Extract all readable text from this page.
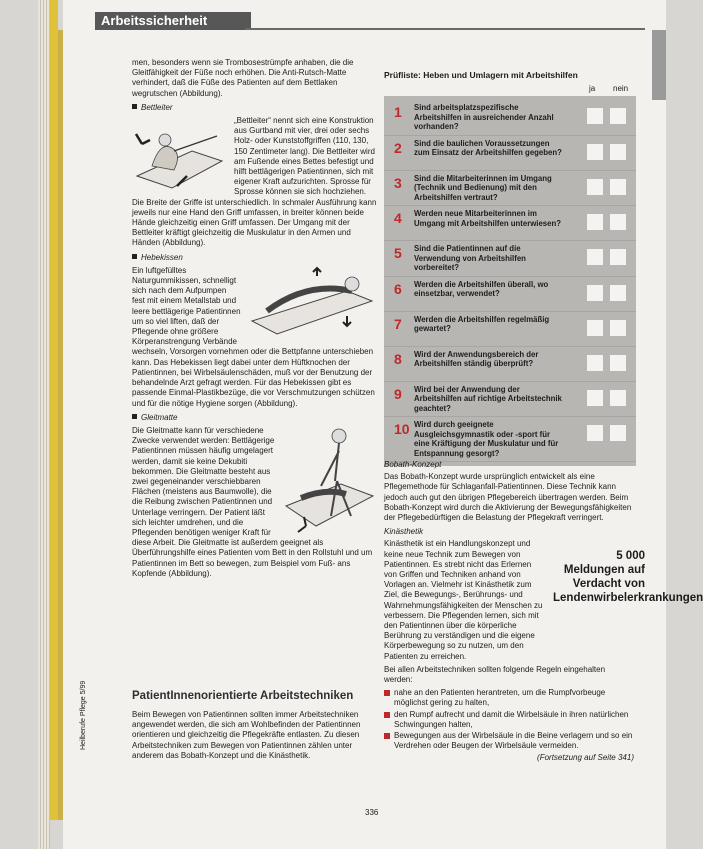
Arbeitssicherheit

men, besonders wenn sie Trombosestrümpfe anhaben, die die Gleitfähigkeit der Füße noch erhöhen. Die Anti-Rutsch-Matte verhindert, daß die Füße des Patienten auf dem Bettlaken wegrutschen (Abbildung).

Bettleiter

„Bettleiter“ nennt sich eine Konstruktion aus Gurtband mit vier, drei oder sechs Holz- oder Kunststoffgriffen (110, 130, 150 Zentimeter lang). Die Bettleiter wird am Fußende eines Bettes befestigt und hilft bettlägerigen Patientinnen, sich mit eigener Kraft aufzurichten. Sprosse für Sprosse können sie sich hochziehen. Die Breite der Griffe ist unterschiedlich. In schmaler Ausführung kann jeweils nur eine Hand den Griff umfassen, in breiter können beide Hände gleichzeitig einen Griff umfassen. Der Umgang mit der Bettleiter kräftigt gleichzeitig die Muskulatur in den Armen und Händen (Abbildung).

Hebekissen

Ein luftgefülltes Naturgummikissen, schnelligt sich nach dem Aufpumpen fest mit einem Metallstab und leere bettlägerige Patientinnen um so viel liften, daß der Pflegende ohne größere Körperanstrengung Verbände wechseln, Vorsorgen vornehmen oder die Bettpfanne unterschieben kann. Das Hebekissen liegt dabei unter dem Hüftknochen der Patientinnen, bei Wirbelsäulenschäden, muß vor der Benutzung der behandelnde Arzt gefragt werden. Für das Hebekissen gibt es passende Einmal-Plastikbezüge, die vor Verschmutzungen schützen und für die nötige Hygiene sorgen (Abbildung).

Gleitmatte

Die Gleitmatte kann für verschiedene Zwecke verwendet werden: Bettlägerige Patientinnen müssen häufig umgelagert werden, damit sie keine Dekubiti bekommen. Die Gleitmatte besteht aus zwei gegeneinander verschiebbaren Flächen (meistens aus Baumwolle), die die Reibung zwischen Patientinnen und Unterlage verringern. Der Patient läßt sich leichter umdrehen, und die Pflegenden benötigen weniger Kraft für diese Arbeit. Die Gleitmatte ist außerdem geeignet als Überführungshilfe eines Patienten vom Bett in den Rollstuhl und um Patientinnen im Bett so bewegen, zum Beispiel vom Fuß- ans Kopfende (Abbildung).

PatientInnenorientierte Arbeitstechniken
Beim Bewegen von Patientinnen sollten immer Arbeitstechniken angewendet werden, die sich am Wohlbefinden der Patientinnen orientieren und gleichzeitig die Pflegekräfte entlasten. Zu diesen Arbeitstechniken zum Bewegen von Patientinnen zählen unter anderem das Bobath-Konzept und die Kinästhetik.
Heilberufe Pflege 5/99
Prüfliste: Heben und Umlagern mit Arbeitshilfen
ja nein
1 Sind arbeitsplatzspezifische Arbeitshilfen in ausreichender Anzahl vorhanden?
2 Sind die baulichen Voraussetzungen zum Einsatz der Arbeitshilfen gegeben?
3 Sind die Mitarbeiterinnen im Umgang (Technik und Bedienung) mit den Arbeitshilfen vertraut?
4 Werden neue Mitarbeiterinnen im Umgang mit Arbeitshilfen unterwiesen?
5 Sind die Patientinnen auf die Verwendung von Arbeitshilfen vorbereitet?
6 Werden die Arbeitshilfen überall, wo einsetzbar, verwendet?
7 Werden die Arbeitshilfen regelmäßig gewartet?
8 Wird der Anwendungsbereich der Arbeitshilfen ständig überprüft?
9 Wird bei der Anwendung der Arbeitshilfen auf richtige Arbeitstechnik geachtet?
10 Wird durch geeignete Ausgleichsgymnastik oder -sport für eine Kräftigung der Muskulatur und für Entspannung gesorgt?
Bobath-Konzept

Das Bobath-Konzept wurde ursprünglich entwickelt als eine Pflegemethode für Schlaganfall-Patientinnen. Diese Technik kann jedoch auch gut den übrigen Pflegebereich übertragen werden. Beim Bobath-Konzept wird durch die Aktivierung der Bewegungsfähigkeiten der Pflegebedürftigen die Belastung der Pflegekraft verringert.

Kinästhetik

Kinästhetik ist ein Handlungskonzept und keine neue Technik zum Bewegen von Patientinnen. Es strebt nicht das Erlernen von Griffen und Techniken anhand von Vorlagen an. Vielmehr ist Kinästhetik zum Ziel, die Bewegungs-, Berührungs- und Wahrnehmungsfähigkeiten der Menschen zu verbessern. Die Pflegenden lernen, sich mit den Patientinnen über die körperliche Berührung zu verständigen und die eigene Körperbewegung so zu nutzen, um den Patienten zu erreichen.

Bei allen Arbeitstechniken sollten folgende Regeln eingehalten werden:

nahe an den Patienten herantreten, um die Rumpfvorbeuge möglichst gering zu halten,
den Rumpf aufrecht und damit die Wirbelsäule in ihren natürlichen Schwingungen halten,
Bewegungen aus der Wirbelsäule in die Beine verlagern und so ein Verdrehen oder Beugen der Wirbelsäule vermeiden.
(Fortsetzung auf Seite 341)
5 000 Meldungen auf Verdacht von Lendenwirbelerkrankungen
336
